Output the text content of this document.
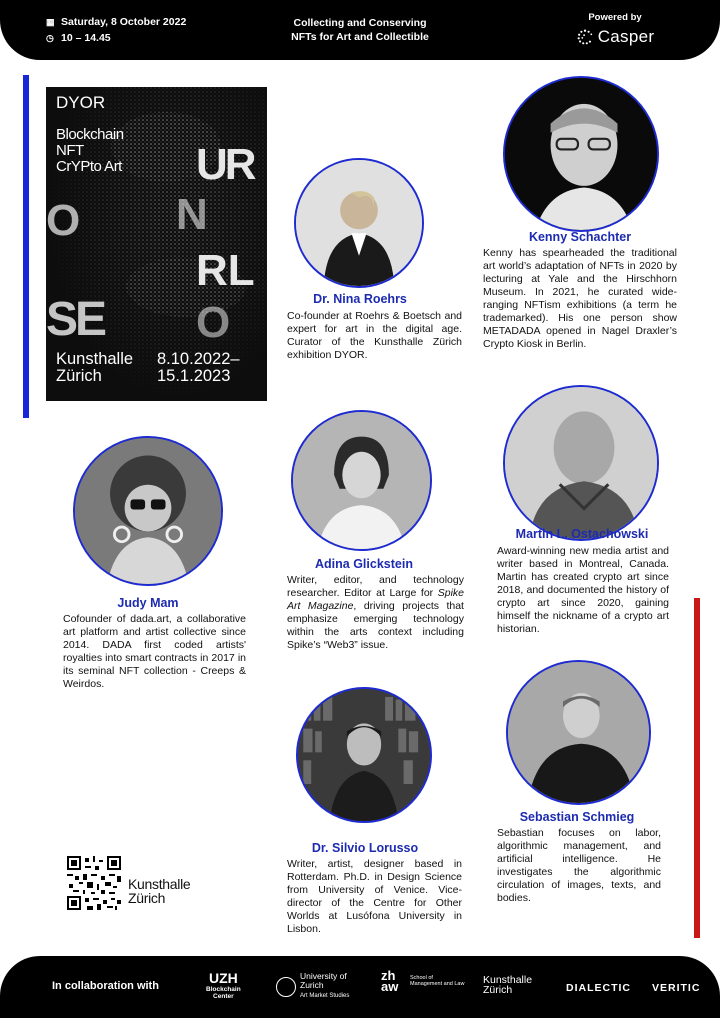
▦ Saturday, 8 October 2022
◷ 10 – 14.45
Collecting and Conserving
NFTs for Art and Collectible
Powered by
Casper
DYOR
Blockchain
NFT
CrYPto Art UR
O N
RL
SE O
Kunsthalle
Zürich
8.10.2022–
15.1.2023
Dr. Nina Roehrs
Co-founder at Roehrs & Boetsch and expert for art in the digital age. Curator of the Kunsthalle Zürich exhibition DYOR.
Kenny Schachter
Kenny has spearheaded the traditional art world’s adaptation of NFTs in 2020 by lecturing at Yale and the Hirschhorn Museum. In 2021, he curated wide-ranging NFTism exhibitions (a term he trademarked). His one person show METADADA opened in Nagel Draxler’s Crypto Kiosk in Berlin.
Judy Mam
Cofounder of dada.art, a collaborative art platform and artist collective since 2014. DADA first coded artists' royalties into smart contracts in 2017 in its seminal NFT collection - Creeps & Weirdos.
Adina Glickstein
Writer, editor, and technology researcher. Editor at Large for Spike Art Magazine, driving projects that emphasize emerging technology within the arts context including Spike’s “Web3” issue.
Martin L. Ostachowski
Award-winning new media artist and writer based in Montreal, Canada. Martin has created crypto art since 2018, and documented the history of crypto art since 2020, gaining himself the nickname of a crypto art historian.
Dr. Silvio Lorusso
Writer, artist, designer based in Rotterdam. Ph.D. in Design Science from University of Venice. Vice-director of the Centre for Other Worlds at Lusófona University in Lisbon.
Sebastian Schmieg
Sebastian focuses on labor, algorithmic management, and artificial intelligence. He investigates the algorithmic circulation of images, texts, and bodies.
Kunsthalle
Zürich
In collaboration with	UZH
Blockchain
Center
University of
Zurich
Art Market Studies
zh aw
School of
Management and Law Kunsthalle
Zürich	DIALECTIC VERITIC
